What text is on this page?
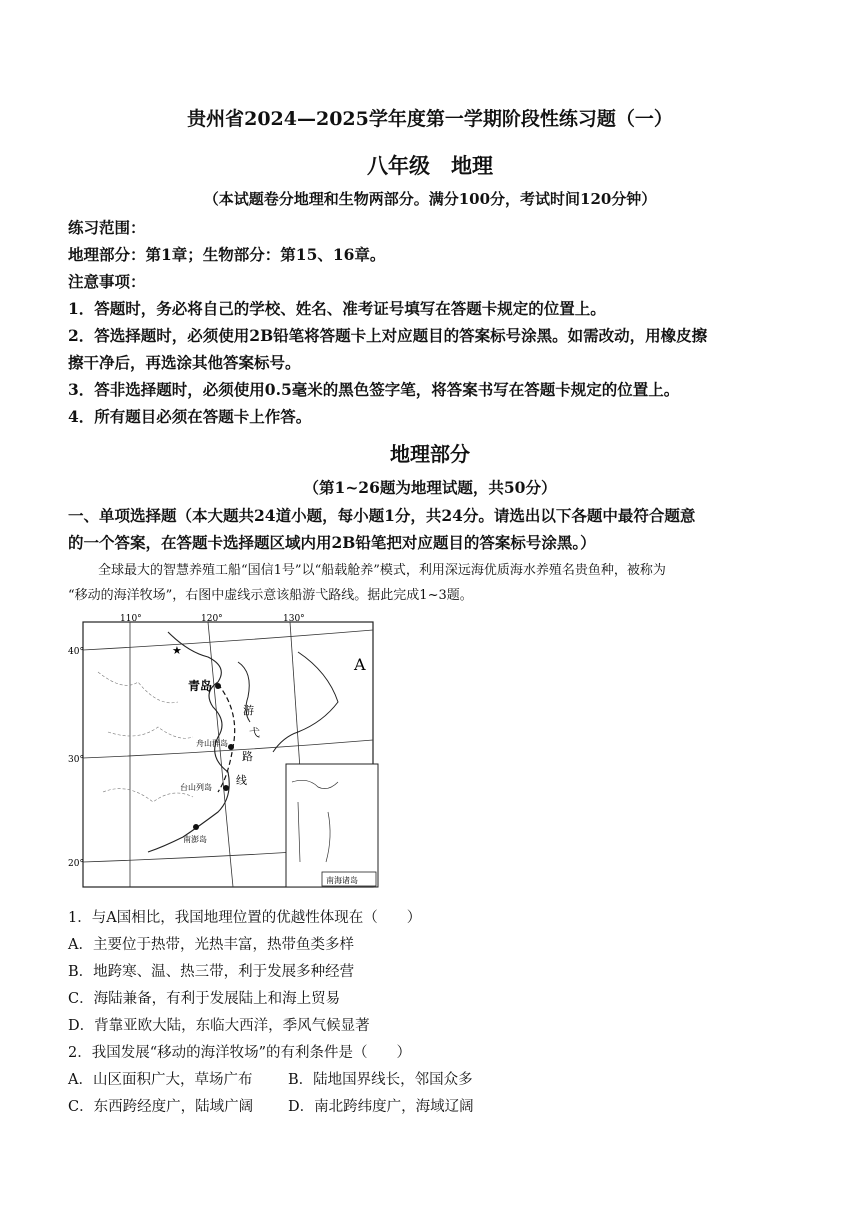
贵州省2024—2025学年度第一学期阶段性练习题（一）
八年级　地理
（本试题卷分地理和生物两部分。满分100分，考试时间120分钟）
练习范围：
地理部分：第1章；生物部分：第15、16章。
注意事项：
1．答题时，务必将自己的学校、姓名、准考证号填写在答题卡规定的位置上。
2．答选择题时，必须使用2B铅笔将答题卡上对应题目的答案标号涂黑。如需改动，用橡皮擦
擦干净后，再选涂其他答案标号。
3．答非选择题时，必须使用0.5毫米的黑色签字笔，将答案书写在答题卡规定的位置上。
4．所有题目必须在答题卡上作答。
地理部分
（第1~26题为地理试题，共50分）
一、单项选择题（本大题共24道小题，每小题1分，共24分。请选出以下各题中最符合题意
的一个答案，在答题卡选择题区域内用2B铅笔把对应题目的答案标号涂黑。）
全球最大的智慧养殖工船“国信1号”以“船载舱养”模式，利用深远海优质海水养殖名贵鱼种，被称为
“移动的海洋牧场”，右图中虚线示意该船游弋路线。据此完成1~3题。
★
110°	120°	130°
40°
30°
20°
青岛
舟山群岛
台山列岛
南澎岛
游
弋
路
线
A
南海诸岛
1．与A国相比，我国地理位置的优越性体现在（　　）
A．主要位于热带，光热丰富，热带鱼类多样
B．地跨寒、温、热三带，利于发展多种经营
C．海陆兼备，有利于发展陆上和海上贸易
D．背靠亚欧大陆，东临大西洋，季风气候显著
2．我国发展“移动的海洋牧场”的有利条件是（　　）
A．山区面积广大，草场广布 B．陆地国界线长，邻国众多
C．东西跨经度广，陆域广阔 D．南北跨纬度广，海域辽阔
